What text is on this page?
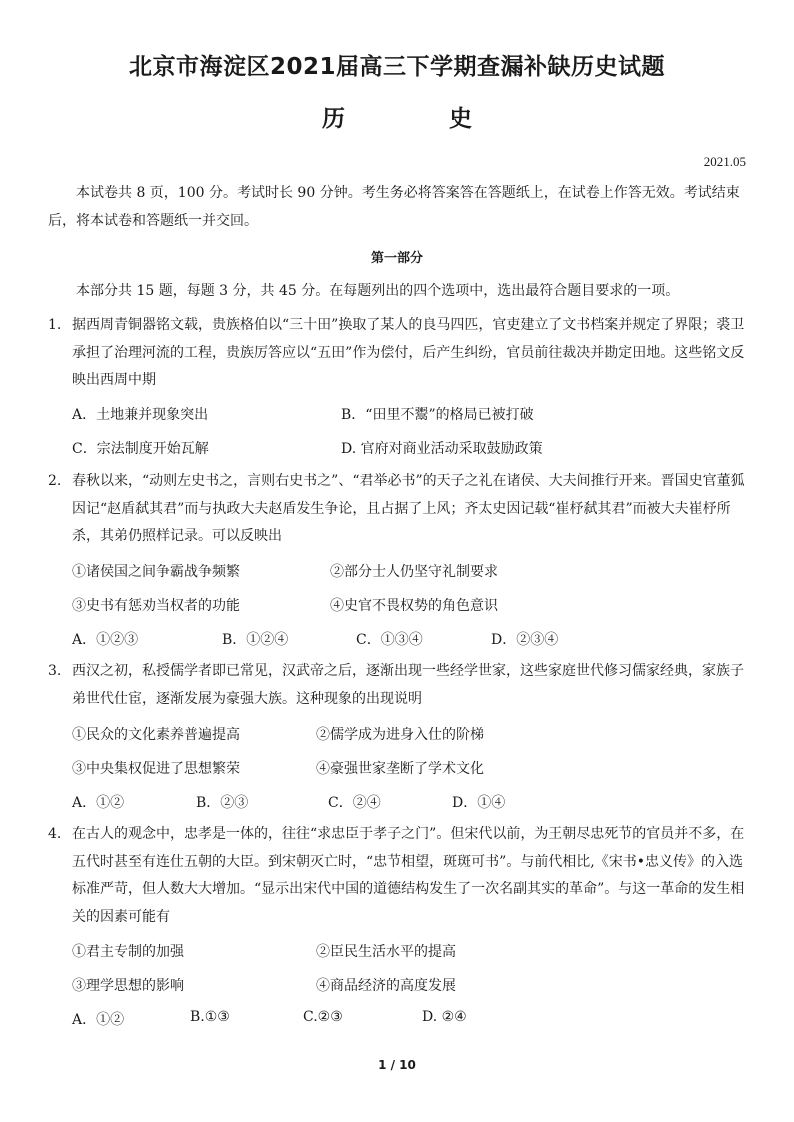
北京市海淀区2021届高三下学期查漏补缺历史试题
历 史
2021.05
本试卷共 8 页，100 分。考试时长 90 分钟。考生务必将答案答在答题纸上，在试卷上作答无效。考试结束后，将本试卷和答题纸一并交回。
第一部分
本部分共 15 题，每题 3 分，共 45 分。在每题列出的四个选项中，选出最符合题目要求的一项。
1. 据西周青铜器铭文载，贵族格伯以“三十田”换取了某人的良马四匹，官吏建立了文书档案并规定了界限；裘卫承担了治理河流的工程，贵族厉答应以“五田”作为偿付，后产生纠纷，官员前往裁决并勘定田地。这些铭文反映出西周中期
A．土地兼并现象突出	B．“田里不鬻”的格局已被打破
C．宗法制度开始瓦解	D. 官府对商业活动采取鼓励政策
2. 春秋以来，“动则左史书之，言则右史书之”、“君举必书”的天子之礼在诸侯、大夫间推行开来。晋国史官董狐因记“赵盾弑其君”而与执政大夫赵盾发生争论，且占据了上风；齐太史因记载“崔杼弑其君”而被大夫崔杼所杀，其弟仍照样记录。可以反映出
①诸侯国之间争霸战争频繁	②部分士人仍坚守礼制要求
③史书有惩劝当权者的功能	④史官不畏权势的角色意识
A．①②③	B．①②④	C．①③④	D．②③④
3. 西汉之初，私授儒学者即已常见，汉武帝之后，逐渐出现一些经学世家，这些家庭世代修习儒家经典，家族子弟世代仕宦，逐渐发展为豪强大族。这种现象的出现说明
①民众的文化素养普遍提高	②儒学成为进身入仕的阶梯
③中央集权促进了思想繁荣	④豪强世家垄断了学术文化
A．①②	B．②③	C．②④	D．①④
4. 在古人的观念中，忠孝是一体的，往往“求忠臣于孝子之门”。但宋代以前，为王朝尽忠死节的官员并不多，在五代时甚至有连仕五朝的大臣。到宋朝灭亡时，“忠节相望，斑斑可书”。与前代相比,《宋书•忠义传》的入选标准严苛，但人数大大增加。“显示出宋代中国的道德结构发生了一次名副其实的革命”。与这一革命的发生相关的因素可能有
①君主专制的加强	②臣民生活水平的提高
③理学思想的影响	④商品经济的高度发展
A．①②	B.①③	C.②③	D. ②④
1 / 10
